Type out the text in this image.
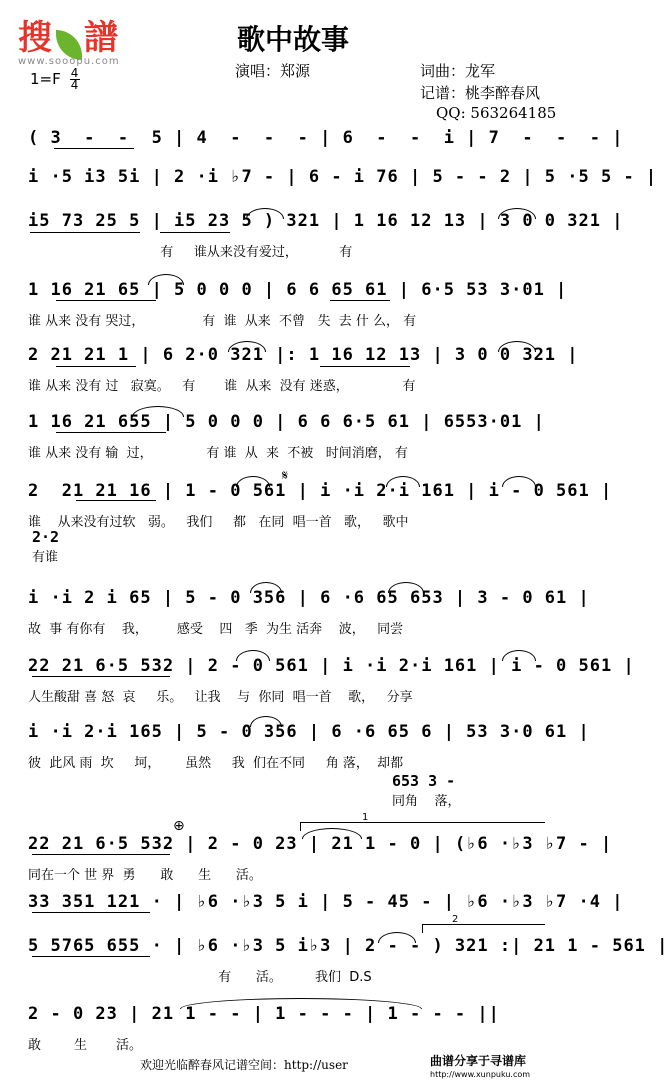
搜 譜
www.sooopu.com
歌中故事
演唱：郑源	词曲：龙军
记谱：桃李醉春风
QQ: 563264185
$1=F \frac{4}{4}$
( 3  -  -  5 | 4  -  -  - | 6  -  -  i | 7  -  -  - |
i ·5 i3 5i | 2 ·i ♭7 - | 6 - i 76 | 5 - - 2 | 5 ·5 5 - |
i5 73 25 5 | i5 23 5 ) 321 | 1 16 12 13 | 3 0 0 321 |
有     谁从来没有爱过，          有
1 16 21 65 | 5 0 0 0 | 6 6 65 61 | 6·5 53 3·01 |
谁 从来 没有 哭过，              有  谁  从来  不曾   失  去 什 么， 有
2 21 21 1 | 6 2·0 321 |: 1 16 12 13 | 3 0 0 321 |
谁 从来 没有 过   寂寞。   有       谁  从来  没有 迷惑，             有
1 16 21 655 | 5 0 0 0 | 6 6 6·5 61 | 6553·01 |
谁 从来 没有 输  过，             有 谁  从  来  不被   时间消磨， 有
2  21 21 16 | 1 - 0 561 | i ·i 2·i 161 | i - 0 561 |
谁    从来没有过软   弱。   我们     都   在同  唱一首   歌，   歌中
2·2
有谁
i ·i 2 i 65 | 5 - 0 356 | 6 ·6 65 653 | 3 - 0 61 |
故  事 有你有    我，       感受    四   季  为生 活奔    波，   同尝
22 21 6·5 532 | 2 - 0 561 | i ·i 2·i 161 | i - 0 561 |
人生酸甜 喜 怒  哀     乐。   让我    与  你同  唱一首    歌，   分享
i ·i 2·i 165 | 5 - 0 356 | 6 ·6 65 6 | 53 3·0 61 |
彼  此风 雨  坎     坷，      虽然     我  们在不同     角 落，  却都
653 3 -
同角    落，
22 21 6·5 532 | 2 - 0 23 | 21 1 - 0 | (♭6 ·♭3 ♭7 - |
同在一个 世 界  勇      敢      生      活。
33 351 121 · | ♭6 ·♭3 5 i | 5 - 45 - | ♭6 ·♭3 ♭7 ·4 |
5 5765 655 · | ♭6 ·♭3 5 i♭3 | 2 - - ) 321 :| 21 1 - 561 |
有      活。        我们  D.S
2 - 0 23 | 21 1 - - | 1 - - - | 1 - - - ||
敢        生       活。
𝄋
⊕
1
2
欢迎光临醉春风记谱空间：http://user	曲谱分享于寻谱库
http://www.xunpuku.com
